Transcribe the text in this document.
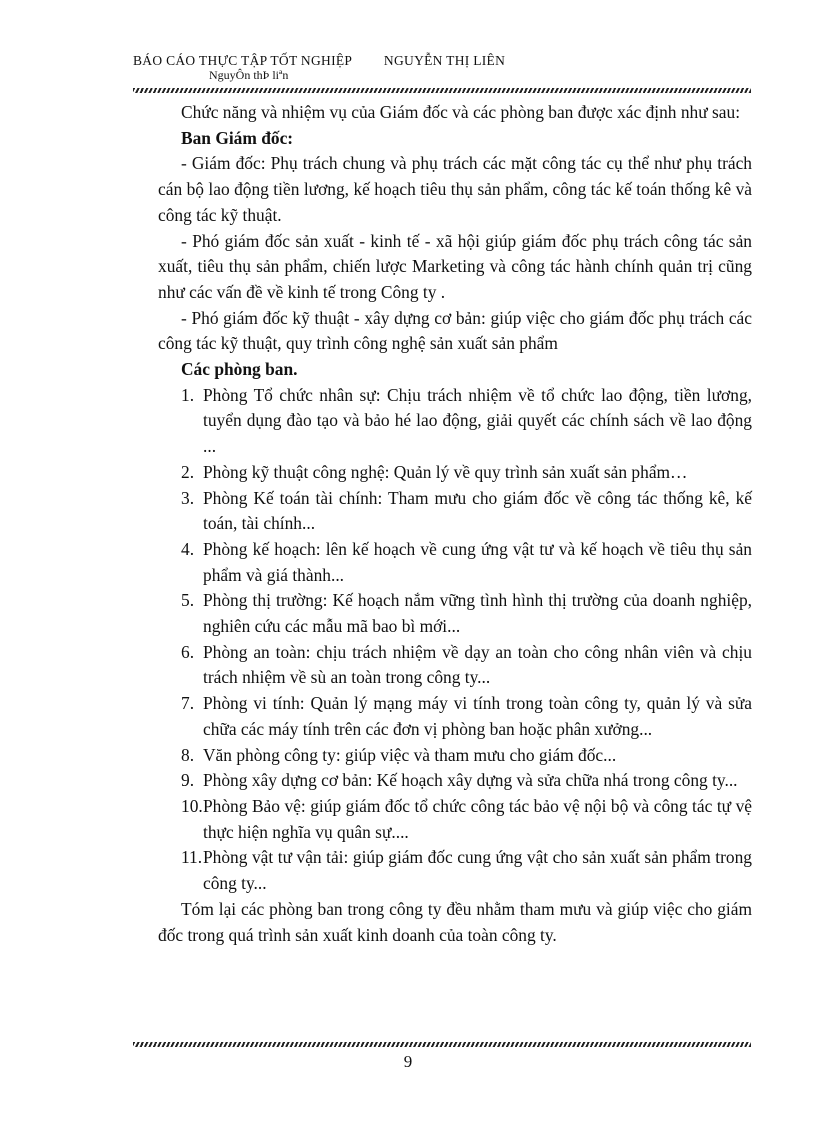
BÁO CÁO THỰC TẬP TỐT NGHIỆP NGUYỄN THỊ LIÊN
NguyÔn thÞ liªn

Chức năng và nhiệm vụ của Giám đốc và các phòng ban được xác định như sau:

Ban Giám đốc:

- Giám đốc: Phụ trách chung và phụ trách các mặt công tác cụ thể như phụ trách cán bộ lao động tiền lương, kế hoạch tiêu thụ sản phẩm, công tác kế toán thống kê và công tác kỹ thuật.

- Phó giám đốc sản xuất - kinh tế - xã hội giúp giám đốc phụ trách công tác sản xuất, tiêu thụ sản phẩm, chiến lược Marketing và công tác hành chính quản trị cũng như các vấn đề về kinh tế trong Công ty .

- Phó giám đốc kỹ thuật - xây dựng cơ bản: giúp việc cho giám đốc phụ trách các công tác kỹ thuật, quy trình công nghệ sản xuất sản phẩm

Các phòng ban.

1. Phòng Tổ chức nhân sự: Chịu trách nhiệm về tổ chức lao động, tiền lương, tuyển dụng đào tạo và bảo hé lao động, giải quyết các chính sách về lao động ...
2. Phòng kỹ thuật công nghệ: Quản lý về quy trình sản xuất sản phẩm…
3. Phòng Kế toán tài chính: Tham mưu cho giám đốc về công tác thống kê, kế toán, tài chính...
4. Phòng kế hoạch: lên kế hoạch về cung ứng vật tư và kế hoạch về tiêu thụ sản phẩm và giá thành...
5. Phòng thị trường: Kế hoạch nắm vững tình hình thị trường của doanh nghiệp, nghiên cứu các mẫu mã bao bì mới...
6. Phòng an toàn: chịu trách nhiệm về dạy an toàn cho công nhân viên và chịu trách nhiệm về sù an toàn trong công ty...
7. Phòng vi tính: Quản lý mạng máy vi tính trong toàn công ty, quản lý và sửa chữa các máy tính trên các đơn vị phòng ban hoặc phân xưởng...
8. Văn phòng công ty: giúp việc và tham mưu cho giám đốc...
9. Phòng xây dựng cơ bản: Kế hoạch xây dựng và sửa chữa nhá trong công ty...
10. Phòng Bảo vệ: giúp giám đốc tổ chức công tác bảo vệ nội bộ và công tác tự vệ thực hiện nghĩa vụ quân sự....
11. Phòng vật tư vận tải: giúp giám đốc cung ứng vật cho sản xuất sản phẩm trong công ty...

Tóm lại các phòng ban trong công ty đều nhằm tham mưu và giúp việc cho giám đốc trong quá trình sản xuất kinh doanh của toàn công ty.

9
